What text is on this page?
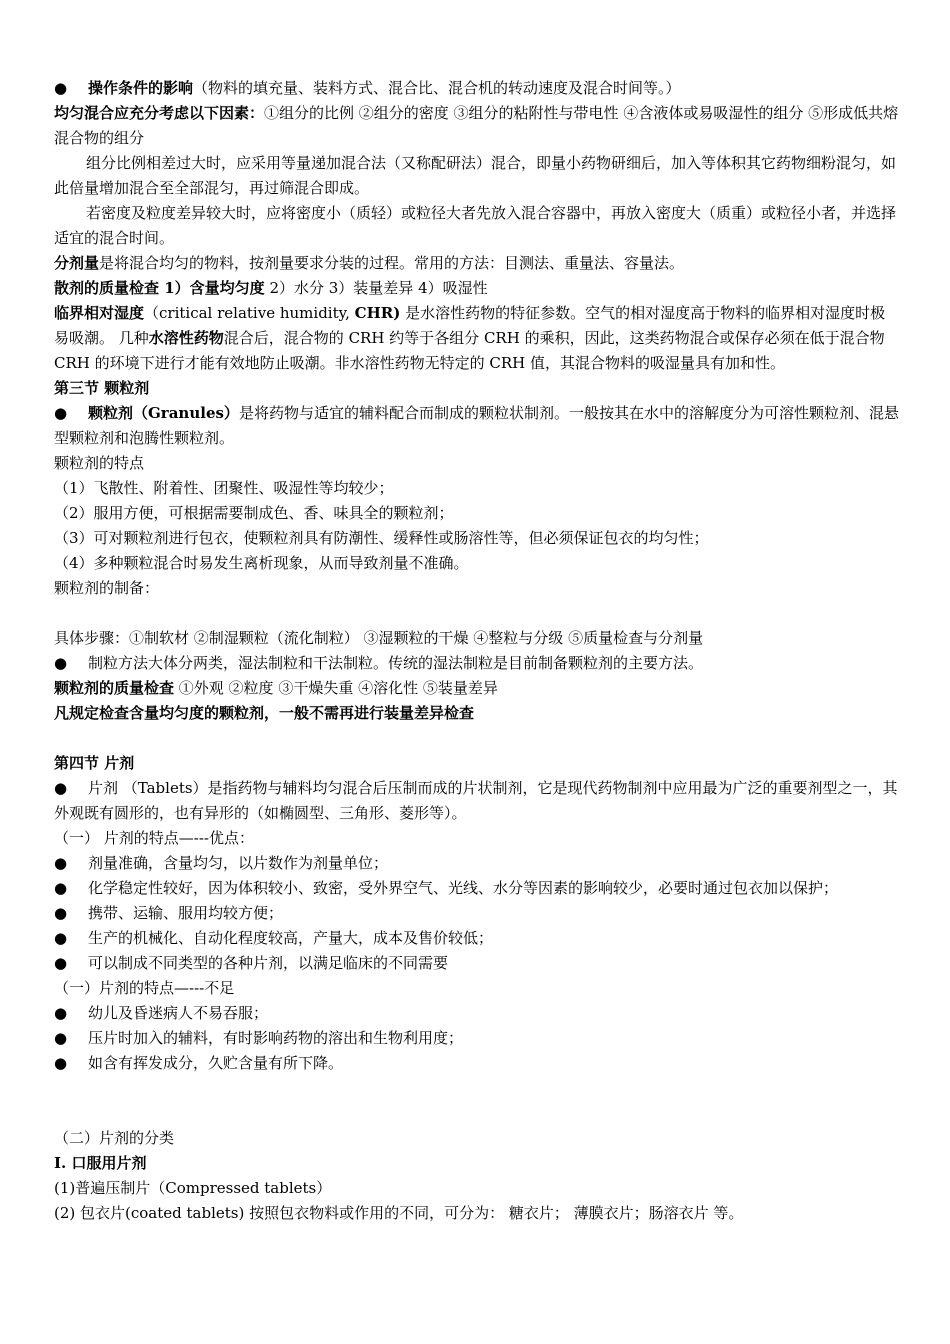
● 操作条件的影响（物料的填充量、装料方式、混合比、混合机的转动速度及混合时间等。）
均匀混合应充分考虑以下因素：①组分的比例 ②组分的密度 ③组分的粘附性与带电性 ④含液体或易吸湿性的组分 ⑤形成低共熔混合物的组分
组分比例相差过大时，应采用等量递加混合法（又称配研法）混合，即量小药物研细后，加入等体积其它药物细粉混匀，如此倍量增加混合至全部混匀，再过筛混合即成。
若密度及粒度差异较大时，应将密度小（质轻）或粒径大者先放入混合容器中，再放入密度大（质重）或粒径小者，并选择适宜的混合时间。
分剂量是将混合均匀的物料，按剂量要求分装的过程。常用的方法：目测法、重量法、容量法。
散剂的质量检查 1）含量均匀度 2）水分 3）装量差异 4）吸湿性
临界相对湿度（critical relative humidity, CHR) 是水溶性药物的特征参数。空气的相对湿度高于物料的临界相对湿度时极易吸潮。 几种水溶性药物混合后，混合物的 CRH 约等于各组分 CRH 的乘积，因此，这类药物混合或保存必须在低于混合物 CRH 的环境下进行才能有效地防止吸潮。非水溶性药物无特定的 CRH 值，其混合物料的吸湿量具有加和性。
第三节 颗粒剂
● 颗粒剂（Granules）是将药物与适宜的辅料配合而制成的颗粒状制剂。一般按其在水中的溶解度分为可溶性颗粒剂、混悬型颗粒剂和泡腾性颗粒剂。
颗粒剂的特点
（1）飞散性、附着性、团聚性、吸湿性等均较少；
（2）服用方便，可根据需要制成色、香、味具全的颗粒剂；
（3）可对颗粒剂进行包衣，使颗粒剂具有防潮性、缓释性或肠溶性等，但必须保证包衣的均匀性；
（4）多种颗粒混合时易发生离析现象，从而导致剂量不准确。
颗粒剂的制备：
具体步骤：①制软材 ②制湿颗粒（流化制粒） ③湿颗粒的干燥 ④整粒与分级 ⑤质量检查与分剂量
● 制粒方法大体分两类，湿法制粒和干法制粒。传统的湿法制粒是目前制备颗粒剂的主要方法。
颗粒剂的质量检查 ①外观 ②粒度 ③干燥失重 ④溶化性 ⑤装量差异
凡规定检查含量均匀度的颗粒剂，一般不需再进行装量差异检查
第四节 片剂
● 片剂 （Tablets）是指药物与辅料均匀混合后压制而成的片状制剂，它是现代药物制剂中应用最为广泛的重要剂型之一，其外观既有圆形的，也有异形的（如椭圆型、三角形、菱形等）。
（一） 片剂的特点—---优点：
● 剂量准确，含量均匀，以片数作为剂量单位；
● 化学稳定性较好，因为体积较小、致密，受外界空气、光线、水分等因素的影响较少，必要时通过包衣加以保护；
● 携带、运输、服用均较方便；
● 生产的机械化、自动化程度较高，产量大，成本及售价较低；
● 可以制成不同类型的各种片剂，以满足临床的不同需要
（一）片剂的特点—---不足
● 幼儿及昏迷病人不易吞服；
● 压片时加入的辅料，有时影响药物的溶出和生物利用度；
● 如含有挥发成分，久贮含量有所下降。
（二）片剂的分类
I. 口服用片剂
(1)普遍压制片（Compressed tablets）
(2) 包衣片(coated tablets) 按照包衣物料或作用的不同，可分为： 糖衣片； 薄膜衣片；肠溶衣片 等。
